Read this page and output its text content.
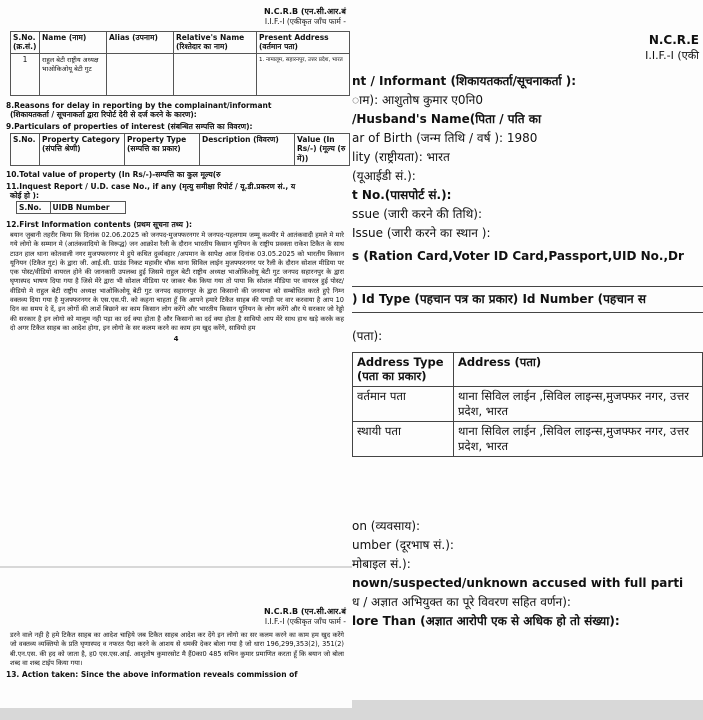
N.C.R.B (एन.सी.आर.बं
I.I.F.-I (एकीकृत जाँच फार्म -
S.No. (क्र.सं.)	Name (नाम)	Alias (उपनाम)	Relative's Name (रिश्तेदार का नाम)	Present Address (वर्तमान पता)
1	राहुल बेटी राष्ट्रीय अध्यक्ष भाओकिओयू बेटी गुट			1. नामालूम, सहारनपुर, उत्तर प्रदेश, भारत
8.Reasons for delay in reporting by the complainant/informant
(शिकायतकर्ता / सूचनाकर्ता द्वारा रिपोर्ट देरी से दर्ज करने के कारण):
9.Particulars of properties of interest (संबन्धित सम्पत्ति का विवरण):
S.No.	Property Category (संपत्ति श्रेणी)	Property Type (सम्पत्ति का प्रकार)	Description (विवरण)	Value (In Rs/-) (मूल्य (रु में))
10.Total value of property (In Rs/-)-सम्पत्ति का कुल मूल्य(रु
11.Inquest Report / U.D. case No., if any (मृत्यु समीक्षा रिपोर्ट / यू.डी.प्रकरण सं., य
कोई हो ):
S.No.	UIDB Number
12.First Information contents (प्रथम सूचना तथ्य ):
बयान जुबानी तहरीर किया कि दिनांक 02.06.2025 को जनपद-मुजफ्फरनगर मे जनपद-पहलगाम जम्मू कश्मीर मे आतंकवादी हमले मे मारे गये लोगो के सम्मान मे (आतंकवादियो के विरूद्ध) जन आक्रोश रैली के दौरान भारतीय किसान यूनियन के राष्ट्रीय प्रवक्ता राकेश टिकैत के साथ टाउन हाल थाना कोतवाली नगर मुजफ्फरनगर मे हुये कथित दुर्व्यवहार /अपमान के सापेक्ष आज दिनांक 03.05.2025 को भारतीय किसान यूनियन (टिकैत गुट) के द्वारा जी. आई.सी. ग्राउंड निकट महावीर चौक थाना सिविल लाईन मुजफ्फरनगर पर रैली के दौरान सोशल मीडिया पर एक पोस्ट/वीडियो वायरल होने की जानकारी उपलब्ध हुई जिसमे राहुल बेटी राष्ट्रीय अध्यक्ष भाओकिओयू बेटी गुट जनपद सहारनपुर के द्वारा घृणास्पद भाषण दिया गया है जिसे मेरे द्वारा भी सोशल मीडिया पर जाकर चैक किया गया तो पाया कि सोशल मीडिया पर वायरल हुई पोस्ट/वीडियो मे राहुल बेटी राष्ट्रीय अध्यक्ष भाओकिओयू बेटी गुट जनपद सहारनपुर के द्वारा किसानो की जनसभा को सम्बोधित करते हुऐ निम्न वक्तव्य दिया गया है मुजफ्फरनगर के एस.एस.पी. को कहना चाहता हूँ कि आपने हमारे टिकैत साहब की पगड़ी पर वार करवाया है आप 10 दिन का समय दे दें, इन लोगों की लाशें बिछाने का काम किसान लोग करेंगे और भारतीय किसान यूनियन के लोग करेंगे और ये सरकार जो रेड्डो की सरकार है इन लोगो को मालूम नही पड़ा का दर्द क्या होता है और किसानो का दर्द क्या होता है सावियो आप मेरे साथ हाथ खड़े करके कह दो अगर टिकैत साहब का आदेश होगा, इन लोगो के सर कलम करने का काम हम खुद करेंगे, सावियो हम
4
N.C.R.B (एन.सी.आर.बं
I.I.F.-I (एकीकृत जाँच फार्म -
डरने वाले नही है हमे टिकैत साहब का आदेश चाहिये जब टिकैत साहब आदेश कर देंगे इन लोगो का सर कलम करने का काम हम खुद करेंगे जो वक्तव्य व्यक्तियो के प्रति घृणास्पद व नफरत पैदा करने के आशय से धमकी देकर बोला गया है जो धारा 196,299,353(2), 351(2) बी.एन.एस. की हद को जाता है, ह0 एस.एस.आई. आशुतोष कुमारसोट मै हैं0का0 485 सचिन कुमार प्रमाणित करता हूँ कि बयान जो बोला शब्द वा शब्द टाईप किया गया।
13. Action taken: Since the above information reveals commission of
N.C.R.E
I.I.F.-I (एकी
nt / Informant (शिकायतकर्ता/सूचनाकर्ता ):
ाम): आशुतोष कुमार ए0नि0
/Husband's Name(पिता / पति का
ar of Birth (जन्म तिथि / वर्ष ): 1980
lity (राष्ट्रीयता): भारत
(यूआईडी सं.):
t No.(पासपोर्ट सं.):
ssue (जारी करने की तिथि):
Issue (जारी करने का स्थान ):
s (Ration Card,Voter ID Card,Passport,UID No.,Dr
) Id Type (पहचान पत्र का प्रकार) Id Number (पहचान स
(पता):
Address Type (पता का प्रकार)	Address (पता)
वर्तमान पता	थाना सिविल लाईन ,सिविल लाइन्स,मुजफ्फर नगर, उत्तर प्रदेश, भारत
स्थायी पता	थाना सिविल लाईन ,सिविल लाइन्स,मुजफ्फर नगर, उत्तर प्रदेश, भारत
on (व्यवसाय):
umber (दूरभाष सं.):
मोबाइल सं.):
nown/suspected/unknown accused with full parti
ध / अज्ञात अभियुक्त का पूरे विवरण सहित वर्णन):
lore Than (अज्ञात आरोपी एक से अधिक हो तो संख्या):
